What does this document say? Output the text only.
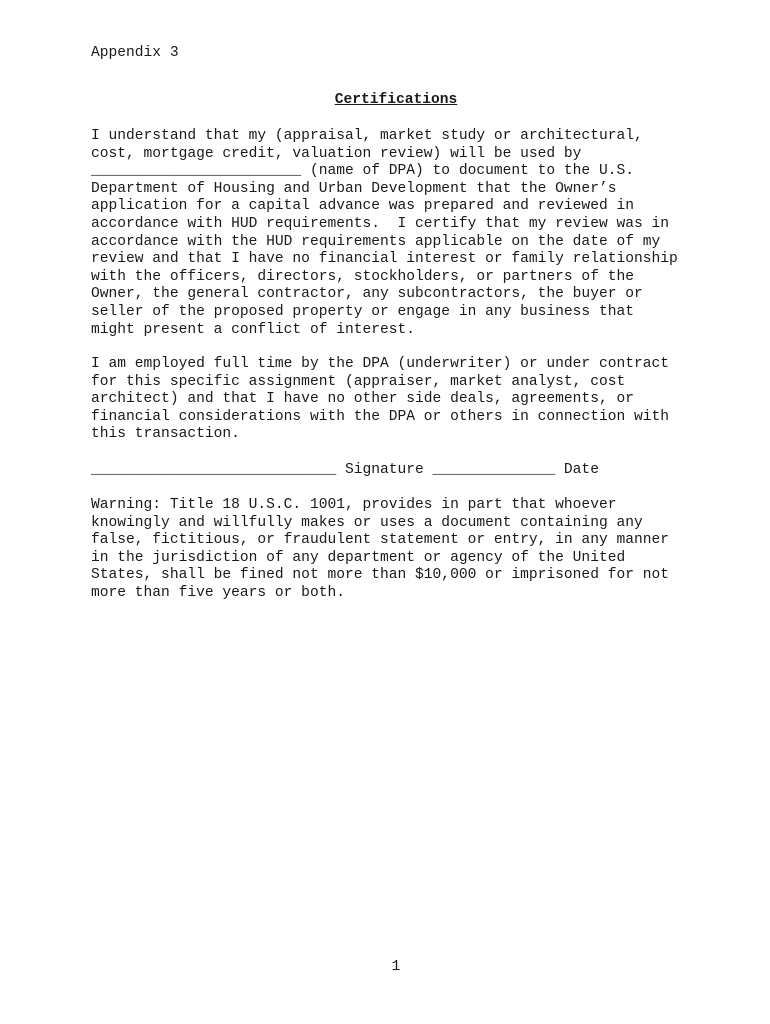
Appendix 3
Certifications
I understand that my (appraisal, market study or architectural,
cost, mortgage credit, valuation review) will be used by
________________________ (name of DPA) to document to the U.S.
Department of Housing and Urban Development that the Owner’s
application for a capital advance was prepared and reviewed in
accordance with HUD requirements.  I certify that my review was in
accordance with the HUD requirements applicable on the date of my
review and that I have no financial interest or family relationship
with the officers, directors, stockholders, or partners of the
Owner, the general contractor, any subcontractors, the buyer or
seller of the proposed property or engage in any business that
might present a conflict of interest.
I am employed full time by the DPA (underwriter) or under contract
for this specific assignment (appraiser, market analyst, cost
architect) and that I have no other side deals, agreements, or
financial considerations with the DPA or others in connection with
this transaction.
____________________________ Signature ______________ Date
Warning: Title 18 U.S.C. 1001, provides in part that whoever
knowingly and willfully makes or uses a document containing any
false, fictitious, or fraudulent statement or entry, in any manner
in the jurisdiction of any department or agency of the United
States, shall be fined not more than $10,000 or imprisoned for not
more than five years or both.
1
